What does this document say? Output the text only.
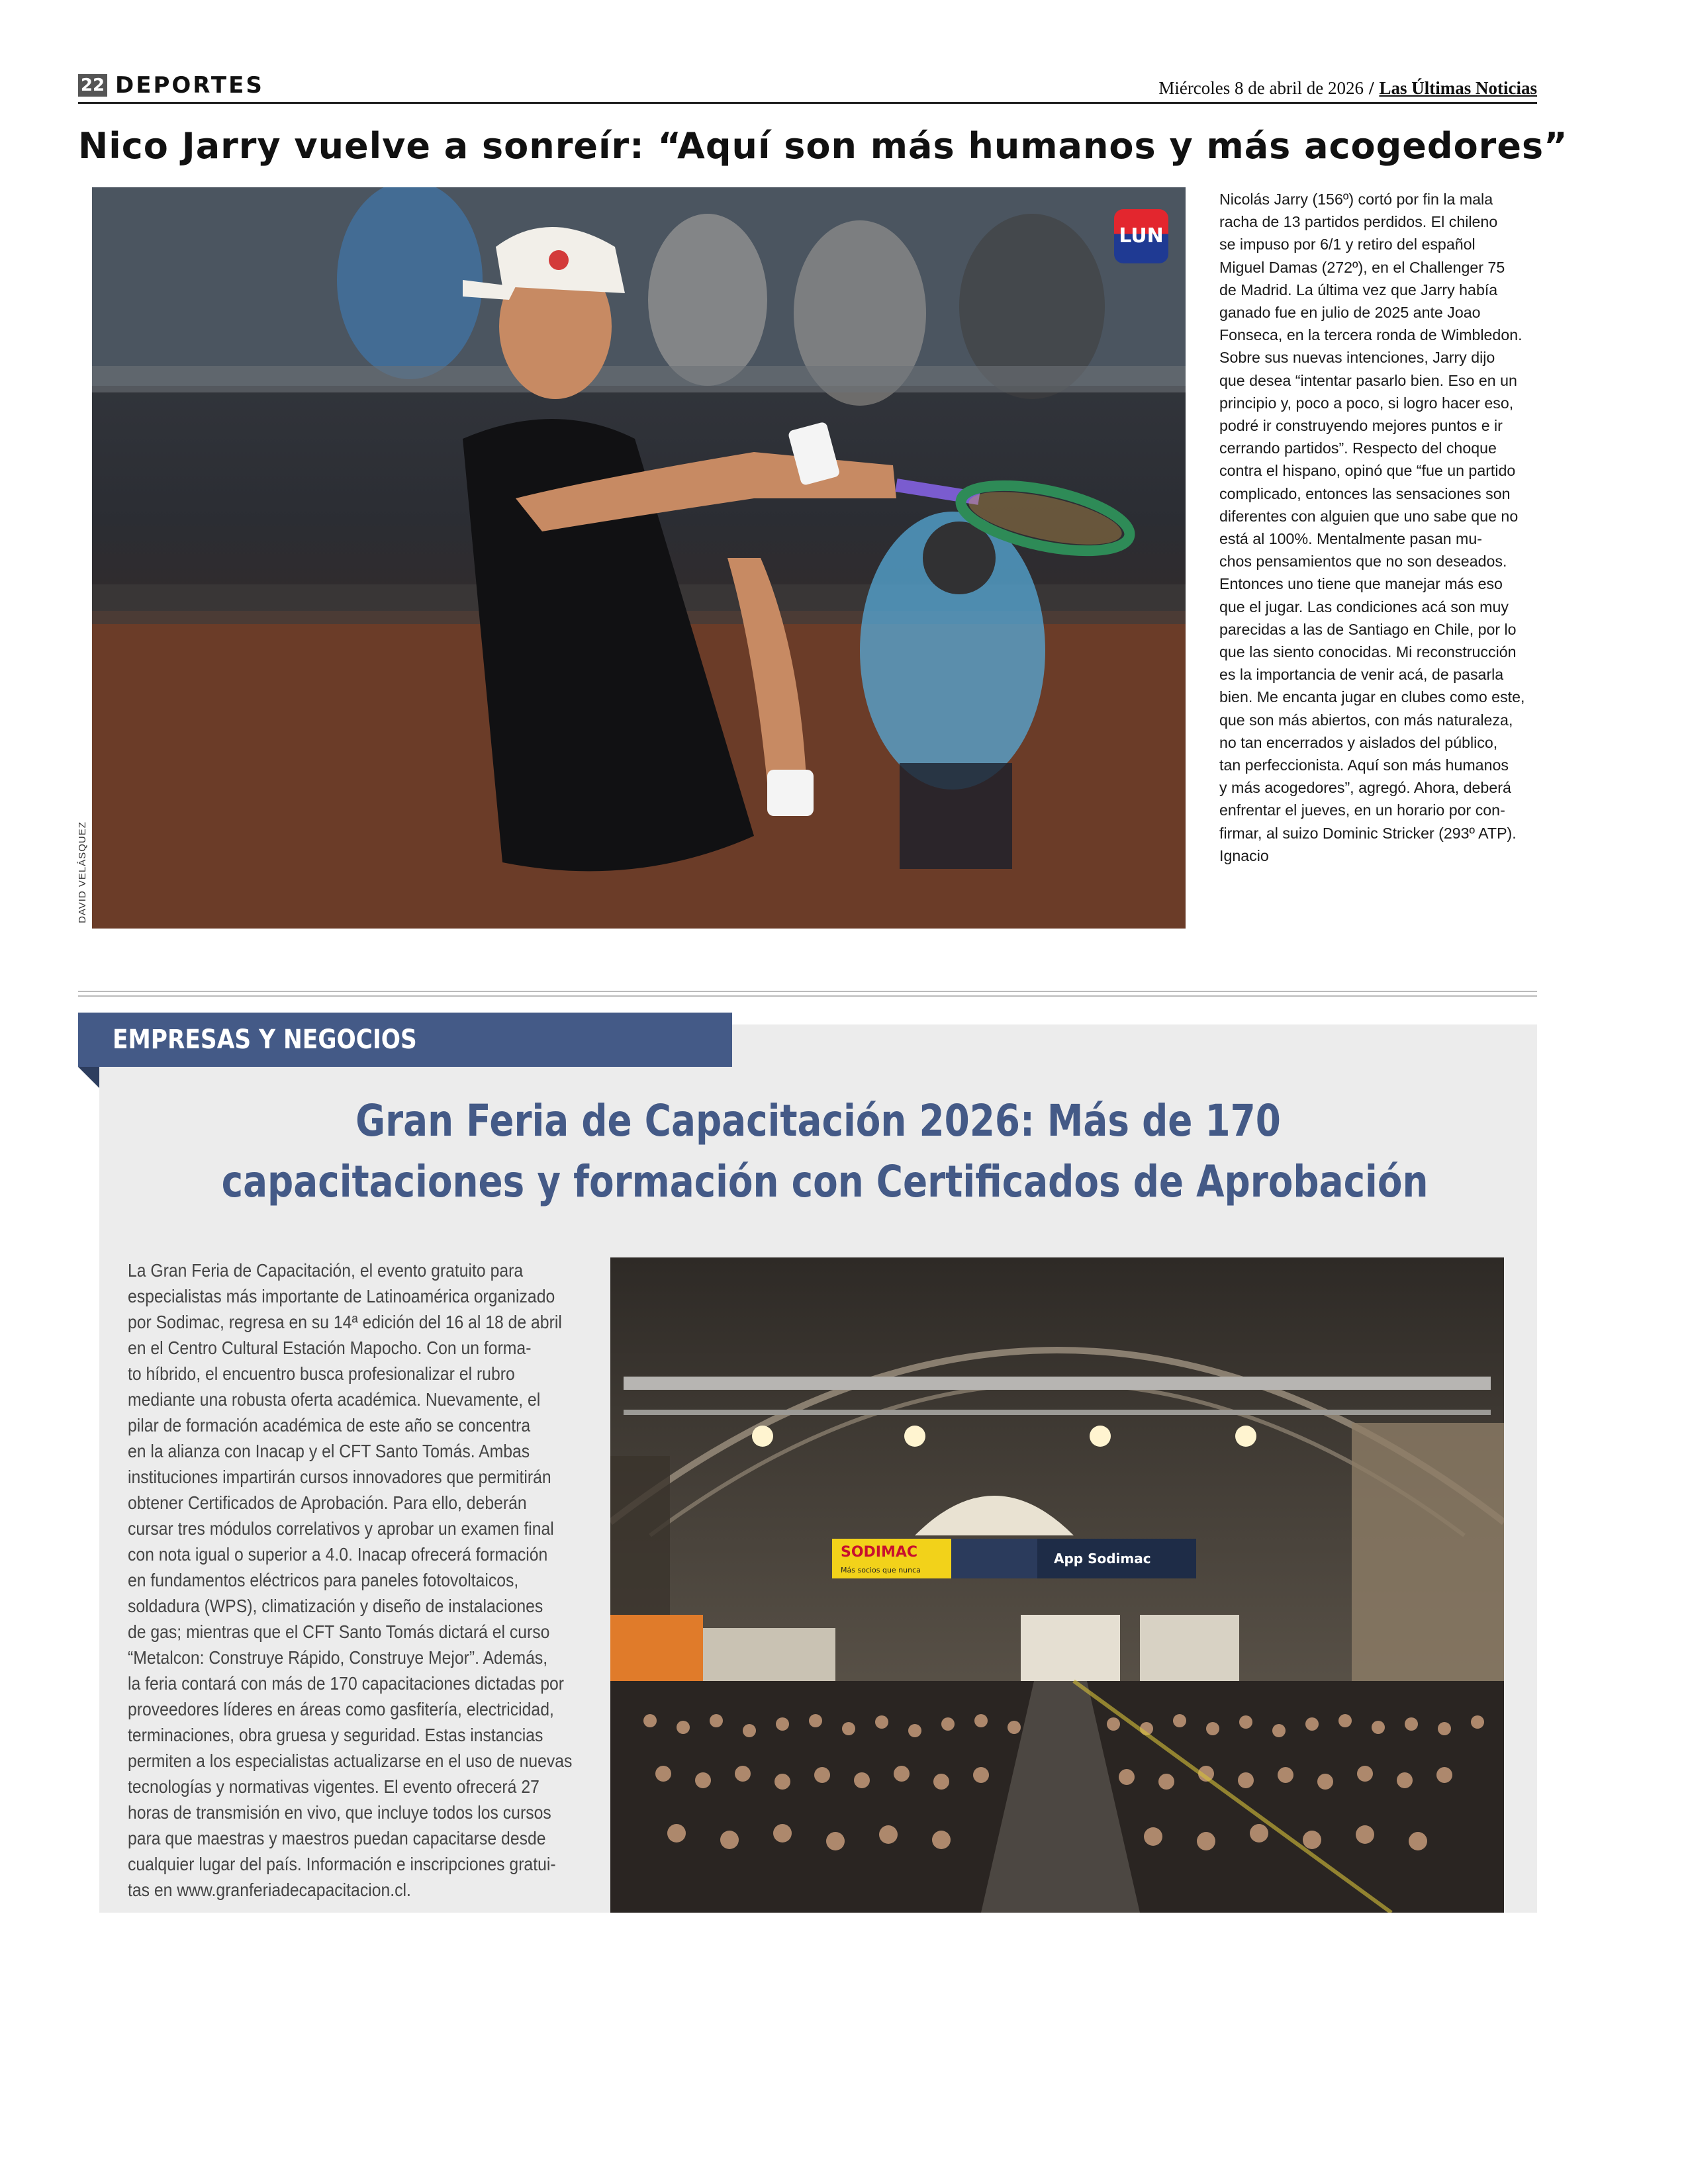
22 DEPORTES	Miércoles 8 de abril de 2026 / Las Últimas Noticias
Nico Jarry vuelve a sonreír: “Aquí son más humanos y más acogedores”
DAVID VELÁSQUEZ
LUN

Nicolás Jarry (156º) cortó por fin la mala
racha de 13 partidos perdidos. El chileno
se impuso por 6/1 y retiro del español
Miguel Damas (272º), en el Challenger 75
de Madrid. La última vez que Jarry había
ganado fue en julio de 2025 ante Joao
Fonseca, en la tercera ronda de Wimbledon.
Sobre sus nuevas intenciones, Jarry dijo
que desea “intentar pasarlo bien. Eso en un
principio y, poco a poco, si logro hacer eso,
podré ir construyendo mejores puntos e ir
cerrando partidos”. Respecto del choque
contra el hispano, opinó que “fue un partido
complicado, entonces las sensaciones son
diferentes con alguien que uno sabe que no
está al 100%. Mentalmente pasan mu-
chos pensamientos que no son deseados.
Entonces uno tiene que manejar más eso
que el jugar. Las condiciones acá son muy
parecidas a las de Santiago en Chile, por lo
que las siento conocidas. Mi reconstrucción
es la importancia de venir acá, de pasarla
bien. Me encanta jugar en clubes como este,
que son más abiertos, con más naturaleza,
no tan encerrados y aislados del público,
tan perfeccionista. Aquí son más humanos
y más acogedores”, agregó. Ahora, deberá
enfrentar el jueves, en un horario por con-
firmar, al suizo Dominic Stricker (293º ATP).
Ignacio

EMPRESAS Y NEGOCIOS
Gran Feria de Capacitación 2026: Más de 170
capacitaciones y formación con Certificados de Aprobación

La Gran Feria de Capacitación, el evento gratuito para
especialistas más importante de Latinoamérica organizado
por Sodimac, regresa en su 14ª edición del 16 al 18 de abril
en el Centro Cultural Estación Mapocho. Con un forma-
to híbrido, el encuentro busca profesionalizar el rubro
mediante una robusta oferta académica. Nuevamente, el
pilar de formación académica de este año se concentra
en la alianza con Inacap y el CFT Santo Tomás. Ambas
instituciones impartirán cursos innovadores que permitirán
obtener Certificados de Aprobación. Para ello, deberán
cursar tres módulos correlativos y aprobar un examen final
con nota igual o superior a 4.0. Inacap ofrecerá formación
en fundamentos eléctricos para paneles fotovoltaicos,
soldadura (WPS), climatización y diseño de instalaciones
de gas; mientras que el CFT Santo Tomás dictará el curso
“Metalcon: Construye Rápido, Construye Mejor”. Además,
la feria contará con más de 170 capacitaciones dictadas por
proveedores líderes en áreas como gasfitería, electricidad,
terminaciones, obra gruesa y seguridad. Estas instancias
permiten a los especialistas actualizarse en el uso de nuevas
tecnologías y normativas vigentes. El evento ofrecerá 27
horas de transmisión en vivo, que incluye todos los cursos
para que maestras y maestros puedan capacitarse desde
cualquier lugar del país. Información e inscripciones gratui-
tas en www.granferiadecapacitacion.cl.

SODIMAC
Más socios que nunca
App Sodimac
